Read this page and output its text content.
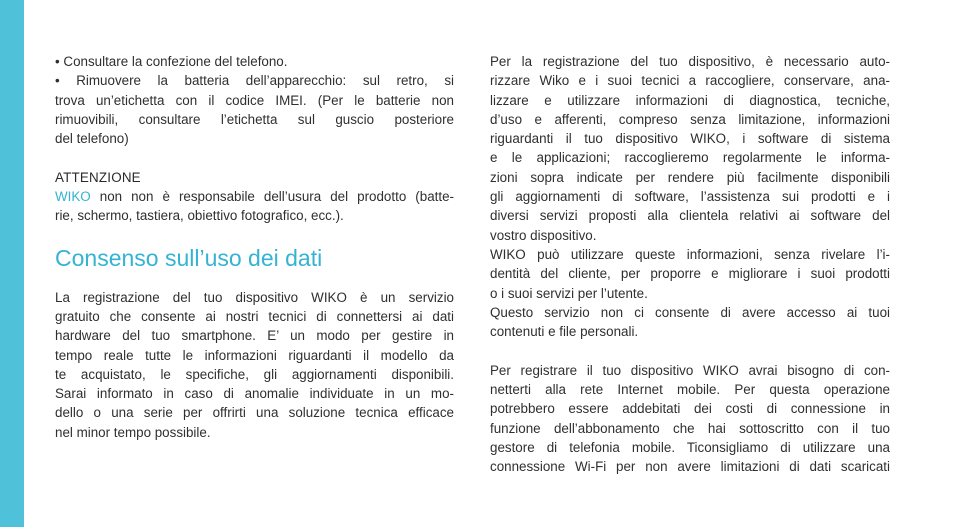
• Consultare la confezione del telefono.
• Rimuovere la batteria dell’apparecchio: sul retro, si
trova un’etichetta con il codice IMEI. (Per le batterie non
rimuovibili, consultare l’etichetta sul guscio posteriore
del telefono)
ATTENZIONE
WIKO non non è responsabile dell’usura del prodotto (batte-
rie, schermo, tastiera, obiettivo fotografico, ecc.).
Consenso sull’uso dei dati
La registrazione del tuo dispositivo WIKO è un servizio
gratuito che consente ai nostri tecnici di connettersi ai dati
hardware del tuo smartphone. E’ un modo per gestire in
tempo reale tutte le informazioni riguardanti il modello da
te acquistato, le specifiche, gli aggiornamenti disponibili.
Sarai informato in caso di anomalie individuate in un mo-
dello o una serie per offrirti una soluzione tecnica efficace
nel minor tempo possibile.
Per la registrazione del tuo dispositivo, è necessario auto-
rizzare Wiko e i suoi tecnici a raccogliere, conservare, ana-
lizzare e utilizzare informazioni di diagnostica, tecniche,
d’uso e afferenti, compreso senza limitazione, informazioni
riguardanti il tuo dispositivo WIKO, i software di sistema
e le applicazioni; raccoglieremo regolarmente le informa-
zioni sopra indicate per rendere più facilmente disponibili
gli aggiornamenti di software, l’assistenza sui prodotti e i
diversi servizi proposti alla clientela relativi ai software del
vostro dispositivo.
WIKO può utilizzare queste informazioni, senza rivelare l’i-
dentità del cliente, per proporre e migliorare i suoi prodotti
o i suoi servizi per l’utente.
Questo servizio non ci consente di avere accesso ai tuoi
contenuti e file personali.
Per registrare il tuo dispositivo WIKO avrai bisogno di con-
netterti alla rete Internet mobile. Per questa operazione
potrebbero essere addebitati dei costi di connessione in
funzione dell’abbonamento che hai sottoscritto con il tuo
gestore di telefonia mobile. Ticonsigliamo di utilizzare una
connessione Wi-Fi per non avere limitazioni di dati scaricati
